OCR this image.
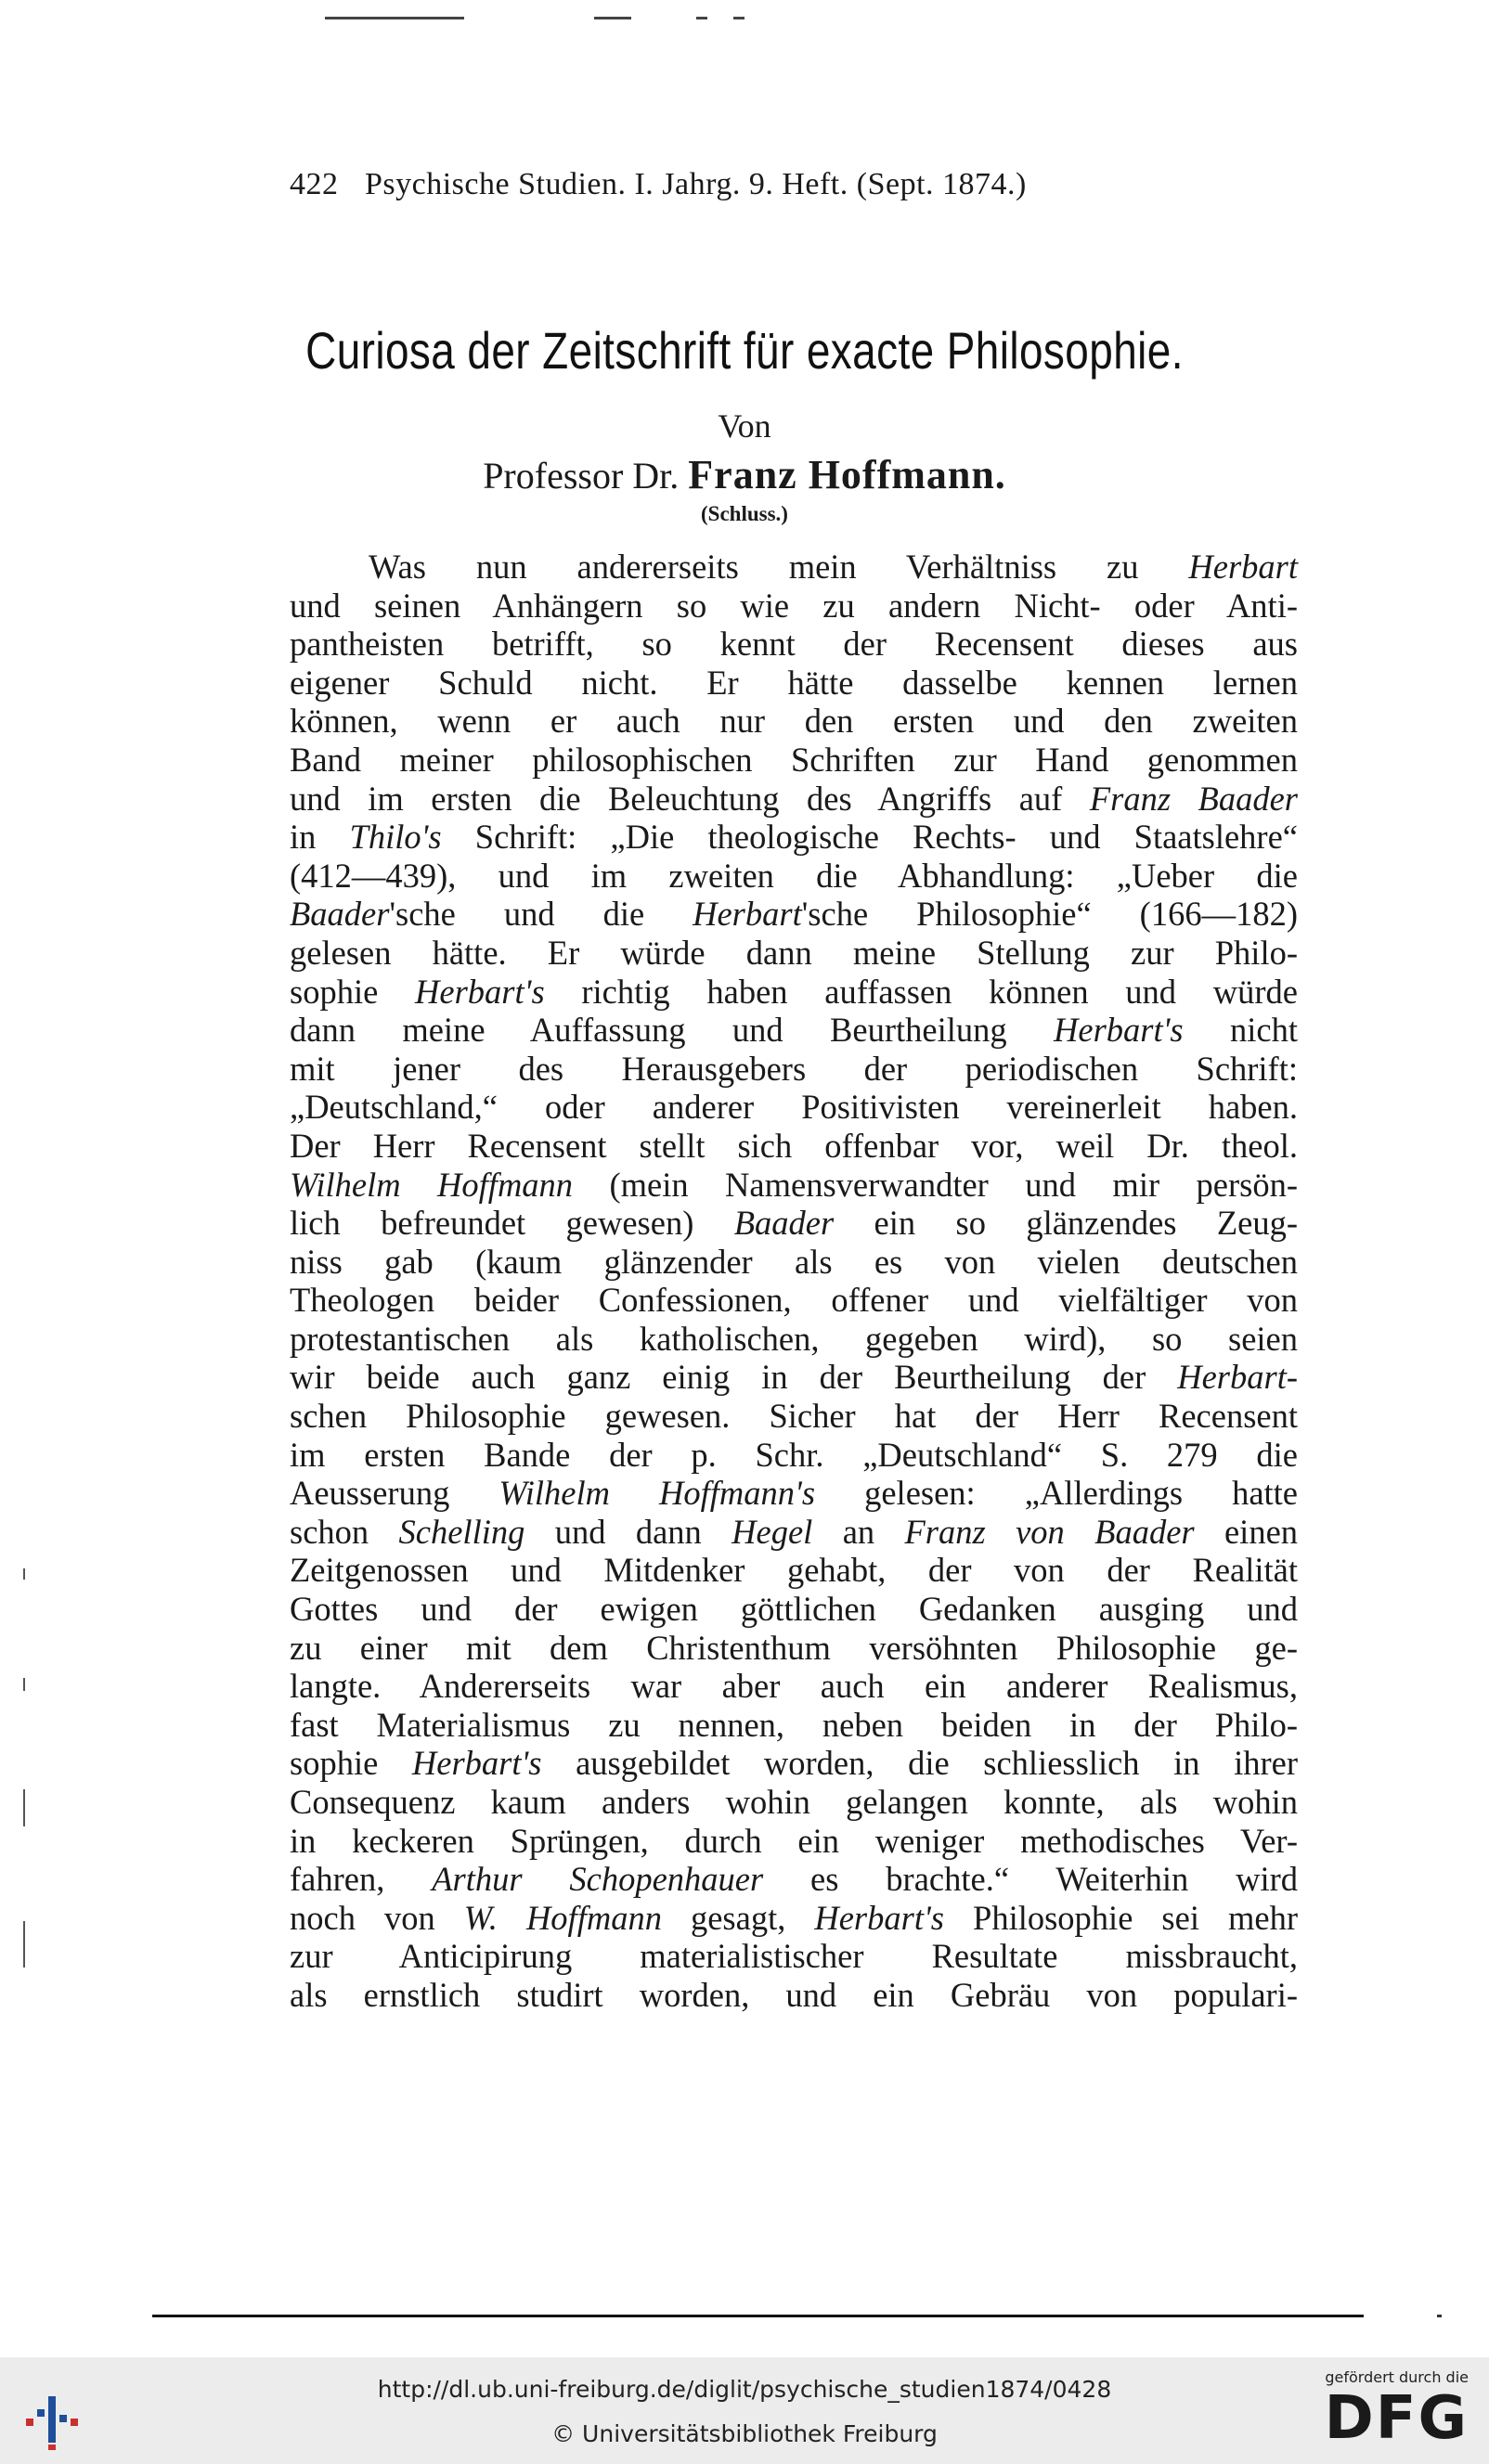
422 Psychische Studien. I. Jahrg. 9. Heft. (Sept. 1874.)
Curiosa der Zeitschrift für exacte Philosophie.
Von
Professor Dr. Franz Hoffmann.
(Schluss.)
Was nun andererseits mein Verhältniss zu Herbart
und seinen Anhängern so wie zu andern Nicht- oder Anti-
pantheisten betrifft, so kennt der Recensent dieses aus
eigener Schuld nicht. Er hätte dasselbe kennen lernen
können, wenn er auch nur den ersten und den zweiten
Band meiner philosophischen Schriften zur Hand genommen
und im ersten die Beleuchtung des Angriffs auf Franz Baader
in Thilo's Schrift: „Die theologische Rechts- und Staatslehre“
(412—439), und im zweiten die Abhandlung: „Ueber die
Baader'sche und die Herbart'sche Philosophie“ (166—182)
gelesen hätte. Er würde dann meine Stellung zur Philo-
sophie Herbart's richtig haben auffassen können und würde
dann meine Auffassung und Beurtheilung Herbart's nicht
mit jener des Herausgebers der periodischen Schrift:
„Deutschland,“ oder anderer Positivisten vereinerleit haben.
Der Herr Recensent stellt sich offenbar vor, weil Dr. theol.
Wilhelm Hoffmann (mein Namensverwandter und mir persön-
lich befreundet gewesen) Baader ein so glänzendes Zeug-
niss gab (kaum glänzender als es von vielen deutschen
Theologen beider Confessionen, offener und vielfältiger von
protestantischen als katholischen, gegeben wird), so seien
wir beide auch ganz einig in der Beurtheilung der Herbart-
schen Philosophie gewesen. Sicher hat der Herr Recensent
im ersten Bande der p. Schr. „Deutschland“ S. 279 die
Aeusserung Wilhelm Hoffmann's gelesen: „Allerdings hatte
schon Schelling und dann Hegel an Franz von Baader einen
Zeitgenossen und Mitdenker gehabt, der von der Realität
Gottes und der ewigen göttlichen Gedanken ausging und
zu einer mit dem Christenthum versöhnten Philosophie ge-
langte. Andererseits war aber auch ein anderer Realismus,
fast Materialismus zu nennen, neben beiden in der Philo-
sophie Herbart's ausgebildet worden, die schliesslich in ihrer
Consequenz kaum anders wohin gelangen konnte, als wohin
in keckeren Sprüngen, durch ein weniger methodisches Ver-
fahren, Arthur Schopenhauer es brachte.“ Weiterhin wird
noch von W. Hoffmann gesagt, Herbart's Philosophie sei mehr
zur Anticipirung materialistischer Resultate missbraucht,
als ernstlich studirt worden, und ein Gebräu von populari-
http://dl.ub.uni-freiburg.de/diglit/psychische_studien1874/0428
© Universitätsbibliothek Freiburg
gefördert durch die
DFG
